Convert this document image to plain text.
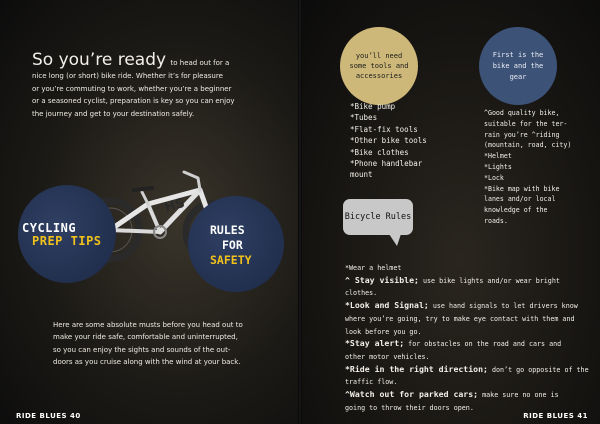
So you’re ready to head out for a
nice long (or short) bike ride. Whether it’s for pleasure
or you’re commuting to work, whether you’re a beginner
or a seasoned cyclist, preparation is key so you can enjoy
the journey and get to your destination safely.
HS
CYCLING
PREP TIPS
RULES
FOR
SAFETY
Here are some absolute musts before you head out to
make your ride safe, comfortable and uninterrupted,
so you can enjoy the sights and sounds of the out-
doors as you cruise along with the wind at your back.
RIDE BLUES 40
you’ll need some tools and accessories
First is the bike and the gear
*Bike pump
*Tubes
*Flat-fix tools
*Other bike tools
*Bike clothes
*Phone handlebar
mount
^Good quality bike,
suitable for the ter-
rain you’re ^riding
(mountain, road, city)
*Helmet
*Lights
*Lock
*Bike map with bike
lanes and/or local
knowledge of the
roads.
Bicycle Rules
*Wear a helmet
^ Stay visible; use bike lights and/or wear bright
clothes.
*Look and Signal; use hand signals to let drivers know
where you’re going, try to make eye contact with them and
look before you go.
*Stay alert; for obstacles on the road and cars and
other motor vehicles.
*Ride in the right direction; don’t go opposite of the
traffic flow.
^Watch out for parked cars; make sure no one is
going to throw their doors open.
RIDE BLUES 41
